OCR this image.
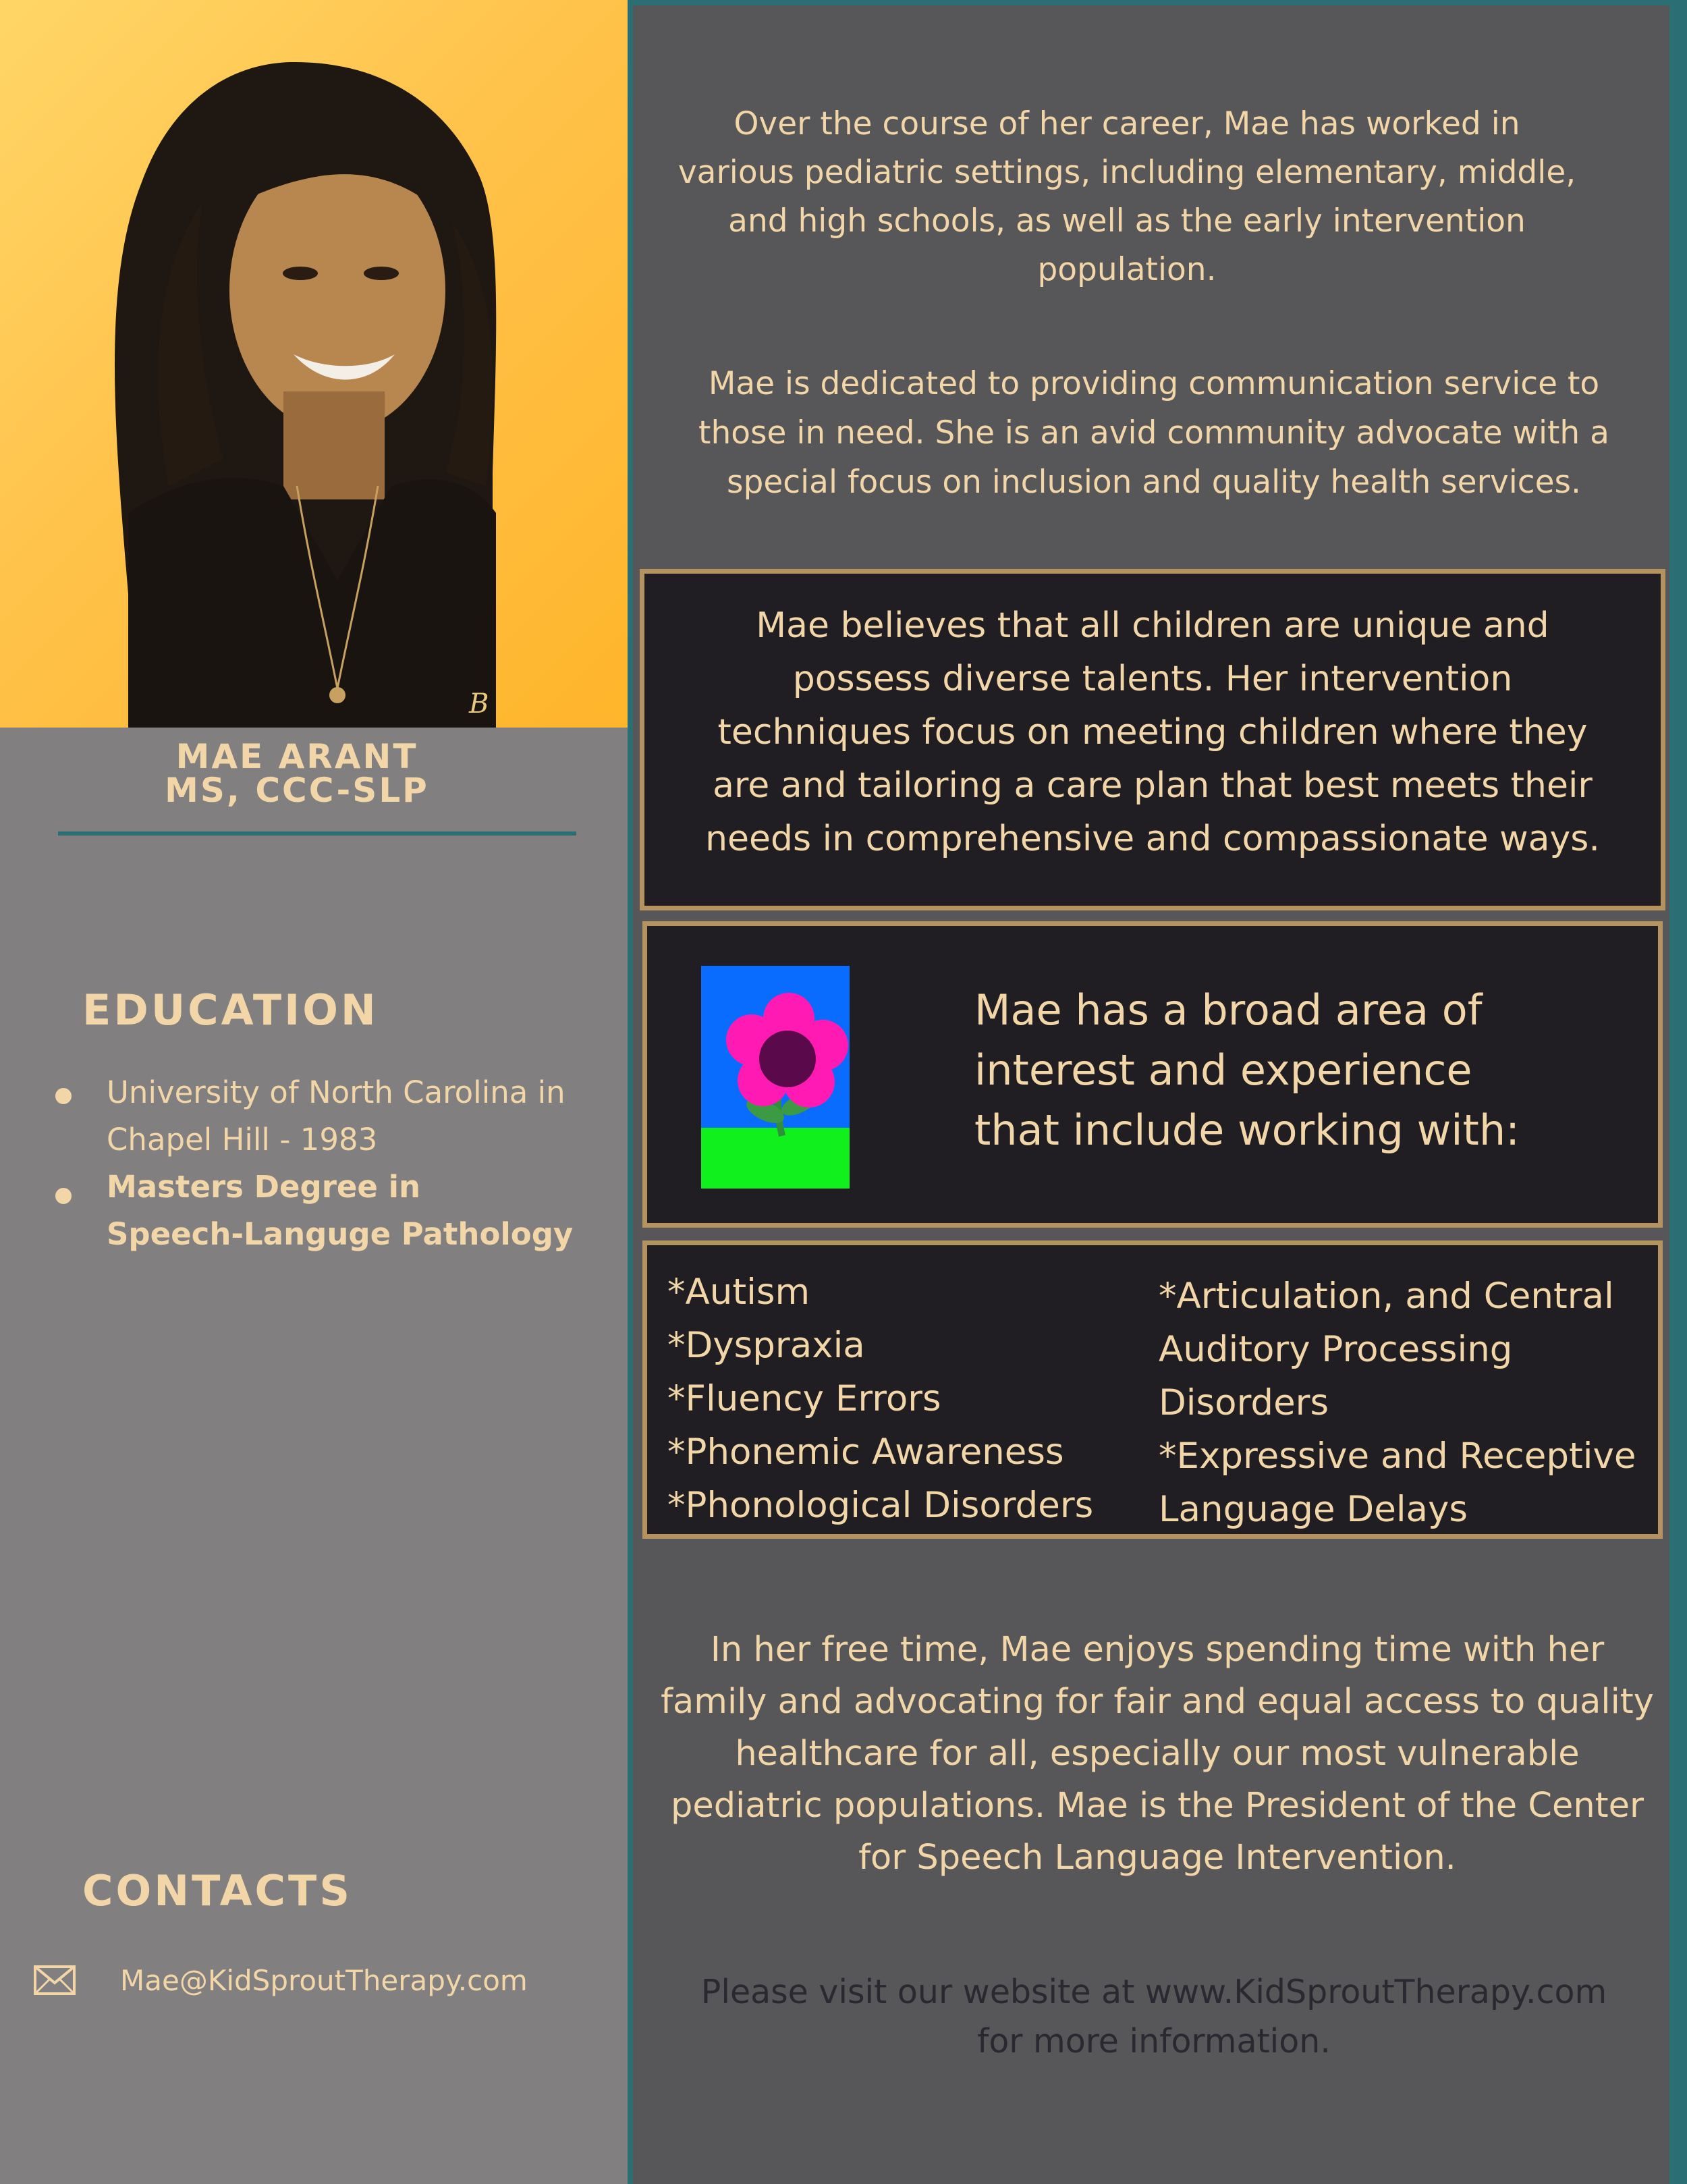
B
MAE ARANT
MS, CCC-SLP
EDUCATION
University of North Carolina in
Chapel Hill - 1983
Masters Degree in
Speech-Languge Pathology
CONTACTS
Mae@KidSproutTherapy.com

Over the course of her career, Mae has worked in
various pediatric settings, including elementary, middle,
and high schools, as well as the early intervention
population.

Mae is dedicated to providing communication service to
those in need. She is an avid community advocate with a
special focus on inclusion and quality health services.

Mae believes that all children are unique and
possess diverse talents. Her intervention
techniques focus on meeting children where they
are and tailoring a care plan that best meets their
needs in comprehensive and compassionate ways.

Mae has a broad area of
interest and experience
that include working with:
*Autism
*Dyspraxia
*Fluency Errors
*Phonemic Awareness
*Phonological Disorders
*Articulation, and Central
Auditory Processing
Disorders
*Expressive and Receptive
Language Delays

In her free time, Mae enjoys spending time with her
family and advocating for fair and equal access to quality
healthcare for all, especially our most vulnerable
pediatric populations. Mae is the President of the Center
for Speech Language Intervention.

Please visit our website at www.KidSproutTherapy.com
for more information.
